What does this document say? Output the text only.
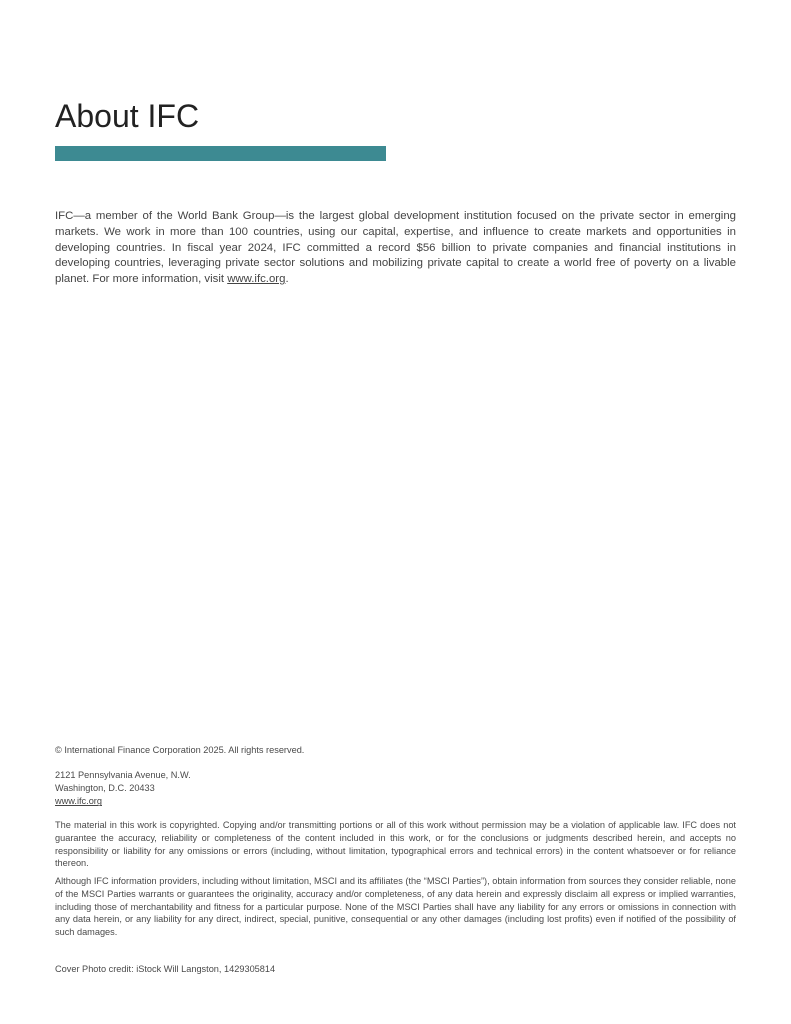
About IFC

IFC—a member of the World Bank Group—is the largest global development institution focused on the private sector in emerging markets. We work in more than 100 countries, using our capital, expertise, and influence to create markets and opportunities in developing countries. In fiscal year 2024, IFC committed a record $56 billion to private companies and financial institutions in developing countries, leveraging private sector solutions and mobilizing private capital to create a world free of poverty on a livable planet. For more information, visit www.ifc.org.

© International Finance Corporation 2025. All rights reserved.

2121 Pennsylvania Avenue, N.W.
Washington, D.C. 20433
www.ifc.org

The material in this work is copyrighted. Copying and/or transmitting portions or all of this work without permission may be a violation of applicable law. IFC does not guarantee the accuracy, reliability or completeness of the content included in this work, or for the conclusions or judgments described herein, and accepts no responsibility or liability for any omissions or errors (including, without limitation, typographical errors and technical errors) in the content whatsoever or for reliance thereon.

Although IFC information providers, including without limitation, MSCI and its affiliates (the “MSCI Parties”), obtain information from sources they consider reliable, none of the MSCI Parties warrants or guarantees the originality, accuracy and/or completeness, of any data herein and expressly disclaim all express or implied warranties, including those of merchantability and fitness for a particular purpose. None of the MSCI Parties shall have any liability for any errors or omissions in connection with any data herein, or any liability for any direct, indirect, special, punitive, consequential or any other damages (including lost profits) even if notified of the possibility of such damages.

Cover Photo credit: iStock Will Langston, 1429305814
